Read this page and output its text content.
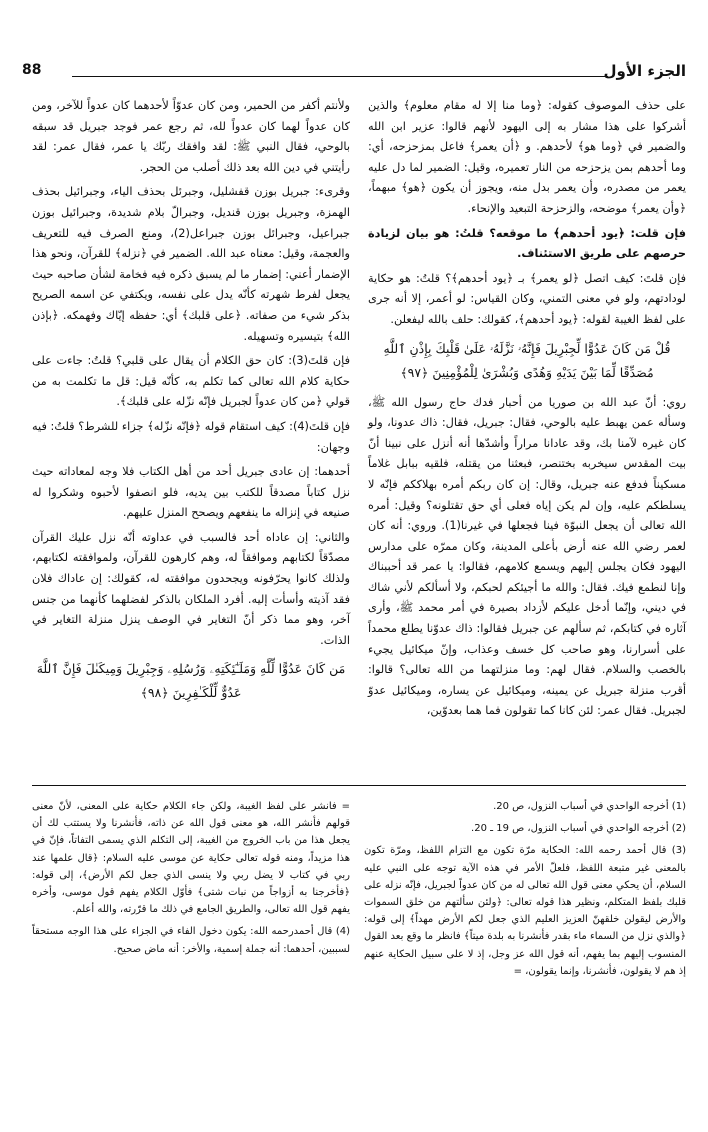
الجزء الأول
88

على حذف الموصوف كقوله: ﴿وما منا إلا له مقام معلوم﴾ والذين أشركوا على هذا مشار به إلى اليهود لأنهم قالوا: عزير ابن الله والضمير في ﴿وما هو﴾ لأحدهم. و ﴿أن يعمر﴾ فاعل بمزحزحه، أي: وما أحدهم بمن يزحزحه من النار تعميره، وقيل: الضمير لما دل عليه يعمر من مصدره، وأن يعمر بدل منه، ويجوز أن يكون ﴿هو﴾ مبهماً، ﴿وأن يعمر﴾ موضحه، والزحزحة التبعيد والإنحاء.

فإن قلت: ﴿يود أحدهم﴾ ما موقعه؟ قلتُ: هو بيان لزيادة حرصهم على طريق الاستئناف.

فإن قلتَ: كيف اتصل ﴿لو يعمر﴾ بـ ﴿يود أحدهم﴾؟ قلتُ: هو حكاية لودادتهم، ولو في معنى التمني، وكان القياس: لو أعمر، إلا أنه جرى على لفظ الغيبة لقوله: ﴿يود أحدهم﴾، كقولك: حلف بالله ليفعلن.

قُلْ مَن كَانَ عَدُوًّا لِّجِبْرِيلَ فَإِنَّهُۥ نَزَّلَهُۥ عَلَىٰ قَلْبِكَ بِإِذْنِ ٱللَّهِ مُصَدِّقًا لِّمَا بَيْنَ يَدَيْهِ وَهُدًى وَبُشْرَىٰ لِلْمُؤْمِنِينَ ﴿٩٧﴾

روي: أنّ عبد الله بن صوريا من أحبار فدك حاج رسول الله ﷺ، وسأله عمن يهبط عليه بالوحي، فقال: جبريل، فقال: ذاك عدونا، ولو كان غيره لآمنا بك، وقد عادانا مراراً وأشدّها أنه أنزل على نبينا أنّ بيت المقدس سيخربه بختنصر، فبعثنا من يقتله، فلقيه ببابل غلاماً مسكيناً فدفع عنه جبريل، وقال: إن كان ربكم أمره بهلاككم فإنّه لا يسلطكم عليه، وإن لم يكن إياه فعلى أي حق تقتلونه؟ وقيل: أمره الله تعالى أن يجعل النبوّة فينا فجعلها في غيرنا(1). وروي: أنه كان لعمر رضي الله عنه أرض بأعلى المدينة، وكان ممرّه على مدارس اليهود فكان يجلس إليهم ويسمع كلامهم، فقالوا: يا عمر قد أحببناك وإنا لنطمع فيك. فقال: والله ما أجيئكم لحبكم، ولا أسألكم لأني شاك في ديني، وإنّما أدخل عليكم لأزداد بصيرة في أمر محمد ﷺ، وأرى آثاره في كتابكم، ثم سألهم عن جبريل فقالوا: ذاك عدوّنا يطلع محمداً على أسرارنا، وهو صاحب كل خسف وعذاب، وإنّ ميكائيل يجيء بالخصب والسلام. فقال لهم: وما منزلتهما من الله تعالى؟ قالوا: أقرب منزلة جبريل عن يمينه، وميكائيل عن يساره، وميكائيل عدوّ لجبريل. فقال عمر: لئن كانا كما تقولون فما هما بعدوّين،

ولأنتم أكفر من الحمير، ومن كان عدوّاً لأحدهما كان عدواً للآخر، ومن كان عدواً لهما كان عدواً لله، ثم رجع عمر فوجد جبريل قد سبقه بالوحي، فقال النبي ﷺ: لقد وافقك ربّك يا عمر، فقال عمر: لقد رأيتني في دين الله بعد ذلك أصلب من الحجر.

وقرىء: جبريل بوزن قفشليل، وجبرئل بحذف الياء، وجبرائيل بحذف الهمزة، وجبريل بوزن قنديل، وجبرالّ بلام شديدة، وجبرائيل بوزن جبراعيل، وجبرائل بوزن جبراعل(2)، ومنع الصرف فيه للتعريف والعجمة، وقيل: معناه عبد الله. الضمير في ﴿نزله﴾ للقرآن، ونحو هذا الإضمار أعني: إضمار ما لم يسبق ذكره فيه فخامة لشأن صاحبه حيث يجعل لفرط شهرته كأنّه يدل على نفسه، ويكتفي عن اسمه الصريح بذكر شيء من صفاته. ﴿على قلبك﴾ أي: حفظه إيّاك وفهمكه. ﴿بإذن الله﴾ بتيسيره وتسهيله.

فإن قلتَ(3): كان حق الكلام أن يقال على قلبي؟ قلتُ: جاءت على حكاية كلام الله تعالى كما تكلم به، كأنّه قيل: قل ما تكلمت به من قولي ﴿من كان عدواً لجبريل فإنّه نزّله على قلبك﴾.

فإن قلتَ(4): كيف استقام قوله ﴿فإنّه نزّله﴾ جزاء للشرط؟ قلتُ: فيه وجهان:

أحدهما: إن عادى جبريل أحد من أهل الكتاب فلا وجه لمعاداته حيث نزل كتاباً مصدقاً للكتب بين يديه، فلو انصفوا لأحبوه وشكروا له صنيعه في إنزاله ما ينفعهم ويصحح المنزل عليهم.

والثاني: إن عاداه أحد فالسبب في عداوته أنّه نزل عليك القرآن مصدّقاً لكتابهم وموافقاً له، وهم كارهون للقرآن، ولموافقته لكتابهم، ولذلك كانوا يحرّفونه ويجحدون موافقته له، كقولك: إن عاداك فلان فقد آذيته وأسأت إليه. أفرد الملكان بالذكر لفضلهما كأنهما من جنس آخر، وهو مما ذكر أنّ التغاير في الوصف ينزل منزلة التغاير في الذات.

مَن كَانَ عَدُوًّا لِّلَّهِ وَمَلَـٰٓئِكَتِهِۦ وَرُسُلِهِۦ وَجِبْرِيلَ وَمِيكَىٰلَ فَإِنَّ ٱللَّهَ عَدُوٌّ لِّلْكَـٰفِرِينَ ﴿٩٨﴾

(1) أخرجه الواحدي في أسباب النزول، ص 20.

(2) أخرجه الواحدي في أسباب النزول، ص 19 ـ 20.

(3) قال أحمد رحمه الله: الحكاية مرّة تكون مع التزام اللفظ، ومرّة تكون بالمعنى غير متبعة اللفظ، فلعلّ الأمر في هذه الآية توجه على النبي عليه السلام، أن يحكي معنى قول الله تعالى له من كان عدواً لجبريل، فإنّه نزله على قلبك بلفظ المتكلم، ونظير هذا قوله تعالى: ﴿ولئن سألتهم من خلق السموات والأرض ليقولن خلقهنّ العزيز العليم الذي جعل لكم الأرض مهداً﴾ إلى قوله: ﴿والذي نزل من السماء ماء بقدر فأنشرنا به بلدة ميتاً﴾ فانظر ما وقع بعد القول المنسوب إليهم بما يفهم، أنه قول الله عز وجل، إذ لا على سبيل الحكاية عنهم إذ هم لا يقولون، فأنشرنا، وإنما يقولون، =

= فانشر على لفظ الغيبة، ولكن جاء الكلام حكاية على المعنى، لأنّ معنى قولهم فأنشر الله، هو معنى قول الله عن ذاته، فأنشرنا ولا يستتب لك أن يجعل هذا من باب الخروج من الغيبة، إلى التكلم الذي يسمى التفاتاً، فإنّ في هذا مزيداً، ومنه قوله تعالى حكاية عن موسى عليه السلام: ﴿قال علمها عند ربي في كتاب لا يضل ربي ولا ينسى الذي جعل لكم الأرض﴾، إلى قوله: ﴿فأخرجنا به أزواجاً من نبات شتى﴾ فأوّل الكلام يفهم قول موسى، وأخره يفهم قول الله تعالى، والطريق الجامع في ذلك ما قرّرته، والله أعلم.

(4) قال أحمدرحمه الله: يكون دخول الفاء في الجزاء على هذا الوجه مستحقاً لسببين، أحدهما: أنه جملة إسمية، والأخر: أنه ماض صحيح.
